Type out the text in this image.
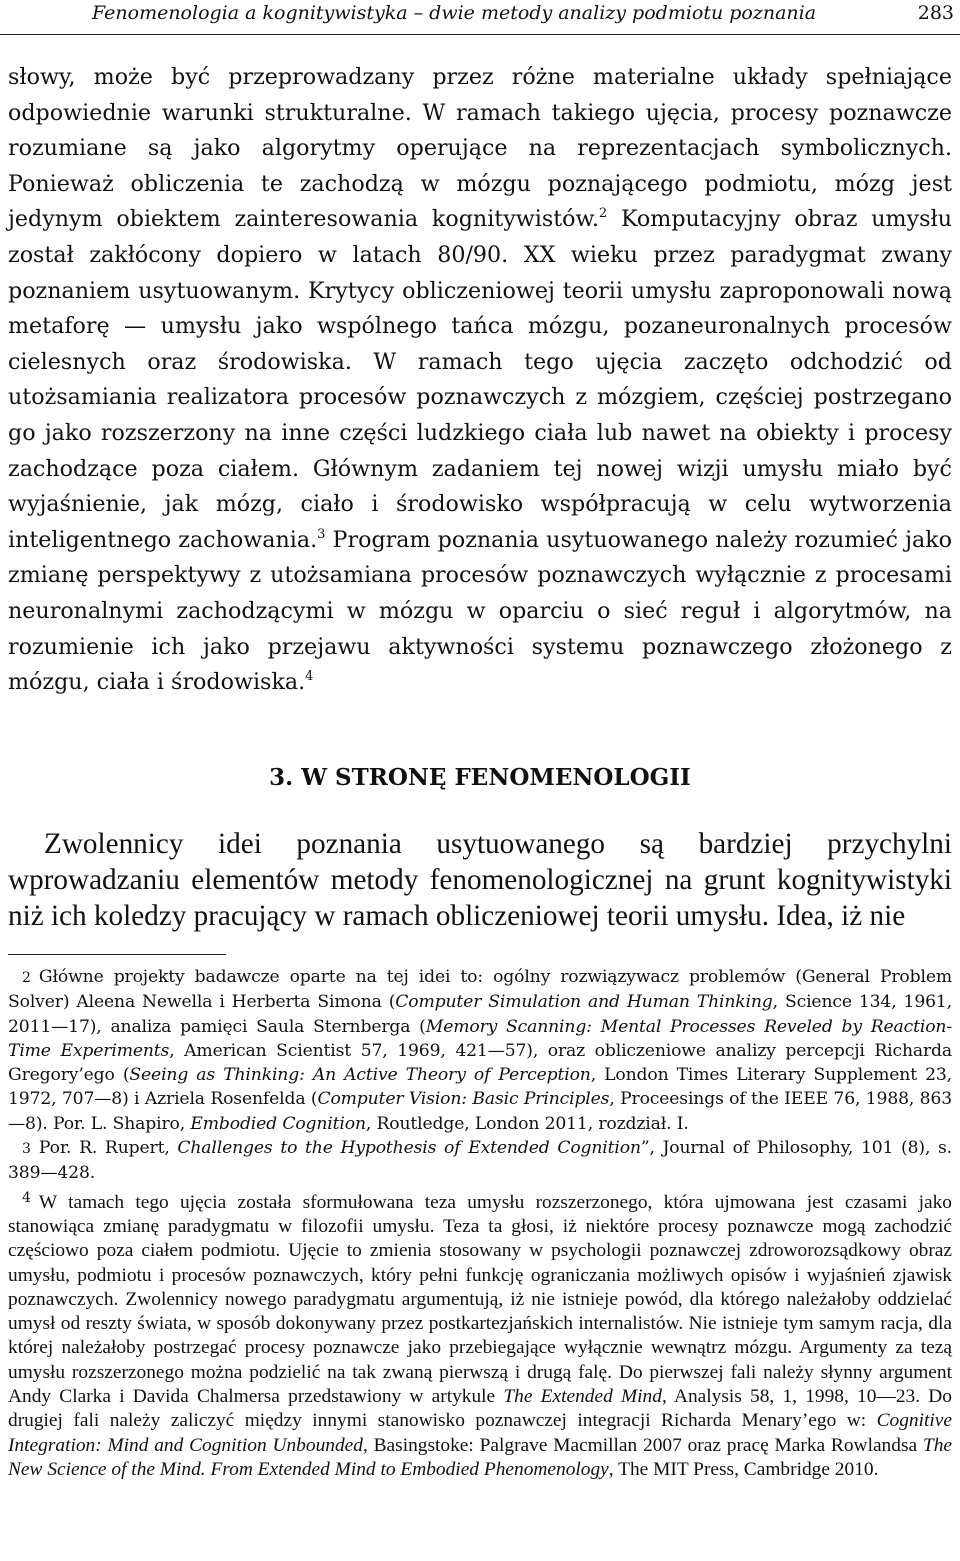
Fenomenologia a kognitywistyka – dwie metody analizy podmiotu poznania	283

słowy, może być przeprowadzany przez różne materialne układy spełniające odpowiednie warunki strukturalne. W ramach takiego ujęcia, procesy poznawcze rozumiane są jako algorytmy operujące na reprezentacjach symbolicznych. Ponieważ obliczenia te zachodzą w mózgu poznającego podmiotu, mózg jest jedynym obiektem zainteresowania kognitywistów.$^2$ Komputacyjny obraz umysłu został zakłócony dopiero w latach 80/90. XX wieku przez paradygmat zwany poznaniem usytuowanym. Krytycy obliczeniowej teorii umysłu zaproponowali nową metaforę — umysłu jako wspólnego tańca mózgu, pozaneuronalnych procesów cielesnych oraz środowiska. W ramach tego ujęcia zaczęto odchodzić od utożsamiania realizatora procesów poznawczych z mózgiem, częściej postrzegano go jako rozszerzony na inne części ludzkiego ciała lub nawet na obiekty i procesy zachodzące poza ciałem. Głównym zadaniem tej nowej wizji umysłu miało być wyjaśnienie, jak mózg, ciało i środowisko współpracują w celu wytworzenia inteligentnego zachowania.$^3$ Program poznania usytuowanego należy rozumieć jako zmianę perspektywy z utożsamiana procesów poznawczych wyłącznie z procesami neuronalnymi zachodzącymi w mózgu w oparciu o sieć reguł i algorytmów, na rozumienie ich jako przejawu aktywności systemu poznawczego złożonego z mózgu, ciała i środowiska.$^4$

3. W STRONĘ FENOMENOLOGII

Zwolennicy idei poznania usytuowanego są bardziej przychylni wprowadzaniu elementów metody fenomenologicznej na grunt kognitywistyki niż ich koledzy pracujący w ramach obliczeniowej teorii umysłu. Idea, iż nie

2 Główne projekty badawcze oparte na tej idei to: ogólny rozwiązywacz problemów (General Problem Solver) Aleena Newella i Herberta Simona (Computer Simulation and Human Thinking, Science 134, 1961, 2011—17), analiza pamięci Saula Sternberga (Memory Scanning: Mental Processes Reveled by Reaction-Time Experiments, American Scientist 57, 1969, 421—57), oraz obliczeniowe analizy percepcji Richarda Gregory’ego (Seeing as Thinking: An Active Theory of Perception, London Times Literary Supplement 23, 1972, 707—8) i Azriela Rosenfelda (Computer Vision: Basic Principles, Proceesings of the IEEE 76, 1988, 863—8). Por. L. Shapiro, Embodied Cognition, Routledge, London 2011, rozdział. I.

3 Por. R. Rupert, Challenges to the Hypothesis of Extended Cognition”, Journal of Philosophy, 101 (8), s. 389—428.

$^4$ W tamach tego ujęcia została sformułowana teza umysłu rozszerzonego, która ujmowana jest czasami jako stanowiąca zmianę paradygmatu w filozofii umysłu. Teza ta głosi, iż niektóre procesy poznawcze mogą zachodzić częściowo poza ciałem podmiotu. Ujęcie to zmienia stosowany w psychologii poznawczej zdroworozsądkowy obraz umysłu, podmiotu i procesów poznawczych, który pełni funkcję ograniczania możliwych opisów i wyjaśnień zjawisk poznawczych. Zwolennicy nowego paradygmatu argumentują, iż nie istnieje powód, dla którego należałoby oddzielać umysł od reszty świata, w sposób dokonywany przez postkartezjańskich internalistów. Nie istnieje tym samym racja, dla której należałoby postrzegać procesy poznawcze jako przebiegające wyłącznie wewnątrz mózgu. Argumenty za tezą umysłu rozszerzonego można podzielić na tak zwaną pierwszą i drugą falę. Do pierwszej fali należy słynny argument Andy Clarka i Davida Chalmersa przedstawiony w artykule The Extended Mind, Analysis 58, 1, 1998, 10—23. Do drugiej fali należy zaliczyć między innymi stanowisko poznawczej integracji Richarda Menary’ego w: Cognitive Integration: Mind and Cognition Unbounded, Basingstoke: Palgrave Macmillan 2007 oraz pracę Marka Rowlandsa The New Science of the Mind. From Extended Mind to Embodied Phenomenology, The MIT Press, Cambridge 2010.
